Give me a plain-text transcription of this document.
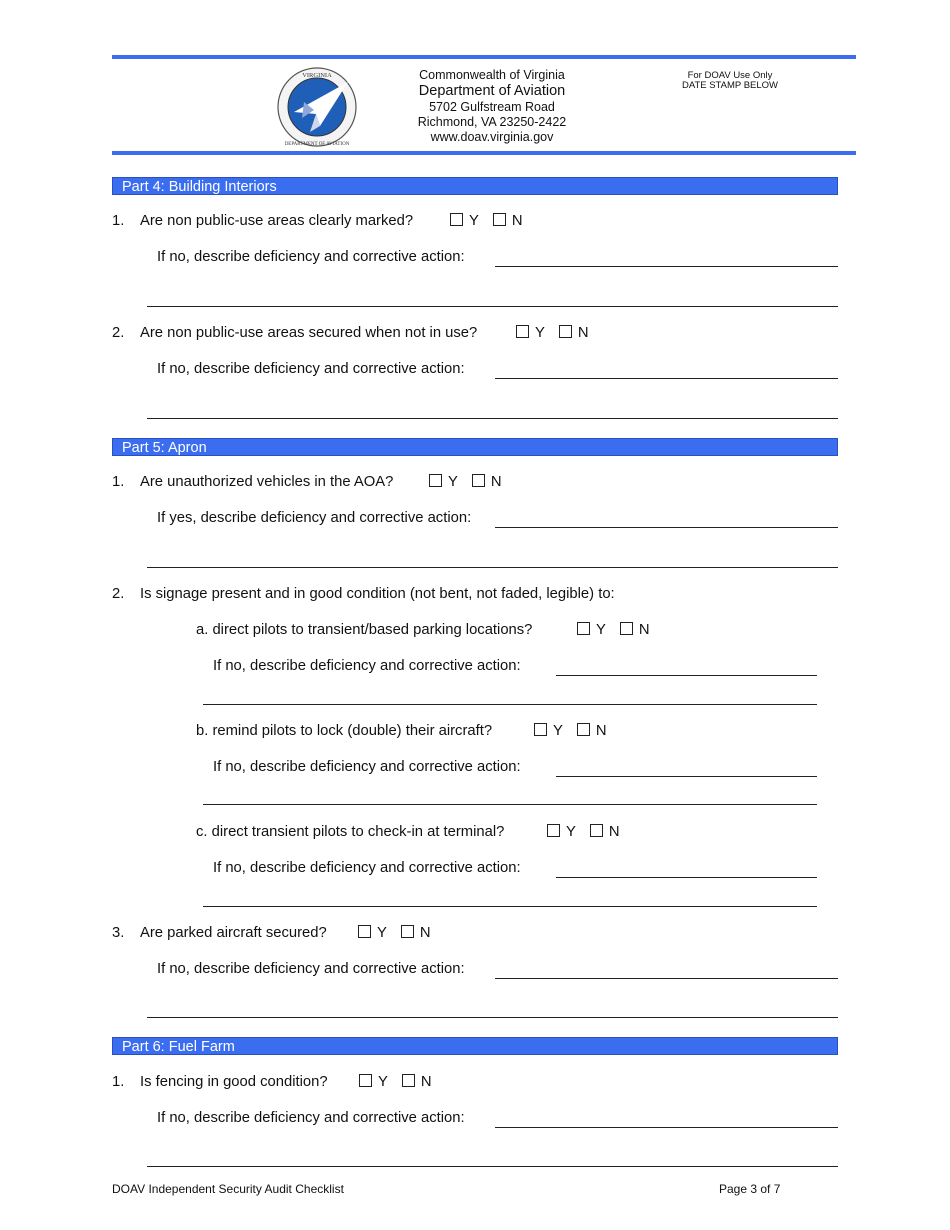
VIRGINIA
DEPARTMENT OF AVIATION
Commonwealth of Virginia
Department of Aviation
5702 Gulfstream Road
Richmond, VA 23250-2422
www.doav.virginia.gov
For DOAV Use Only
DATE STAMP BELOW
Part 4: Building Interiors
1. Are non public-use areas clearly marked?	Y N
If no, describe deficiency and corrective action:
2. Are non public-use areas secured when not in use?	Y N
If no, describe deficiency and corrective action:
Part 5: Apron
1. Are unauthorized vehicles in the AOA?	Y N
If yes, describe deficiency and corrective action:
2. Is signage present and in good condition (not bent, not faded, legible) to:
a. direct pilots to transient/based parking locations?	Y N
If no, describe deficiency and corrective action:
b. remind pilots to lock (double) their aircraft?	Y N
If no, describe deficiency and corrective action:
c. direct transient pilots to check-in at terminal?	Y N
If no, describe deficiency and corrective action:
3. Are parked aircraft secured?	Y N
If no, describe deficiency and corrective action:
Part 6: Fuel Farm
1. Is fencing in good condition?	Y N
If no, describe deficiency and corrective action:
DOAV Independent Security Audit Checklist	Page 3 of 7
